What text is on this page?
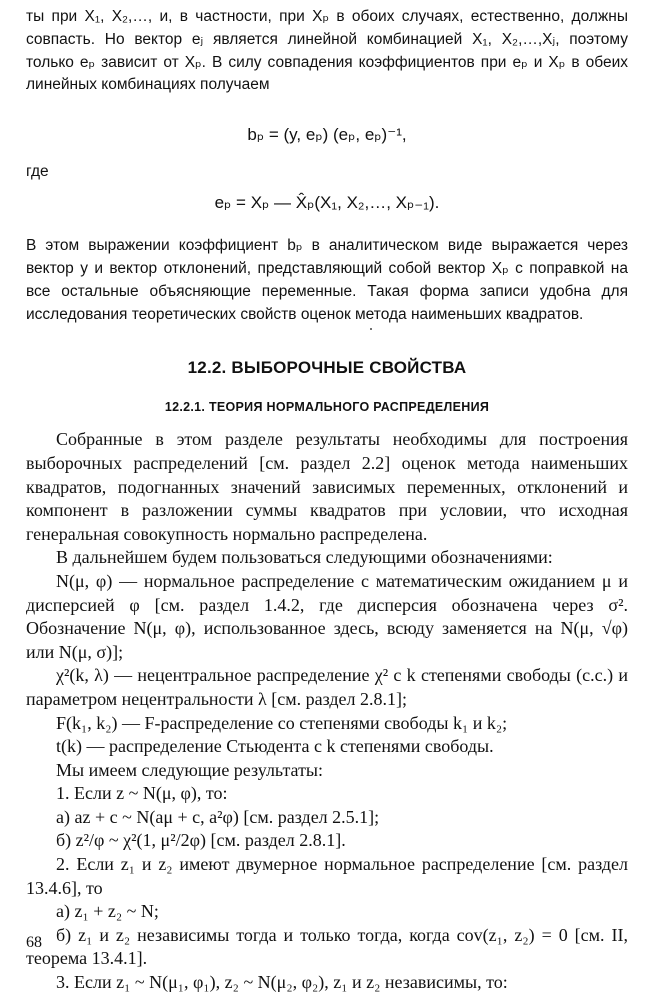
ты при X₁, X₂,…, и, в частности, при Xₚ в обоих случаях, естественно, должны совпасть. Но вектор eⱼ является линейной комбинацией X₁, X₂,…,Xⱼ, поэтому только eₚ зависит от Xₚ. В силу совпадения коэффициентов при eₚ и Xₚ в обеих линейных комбинациях получаем

bₚ = (y, eₚ) (eₚ, eₚ)⁻¹,

где

eₚ = Xₚ — X̂ₚ(X₁, X₂,…, Xₚ₋₁).

В этом выражении коэффициент bₚ в аналитическом виде выражается через вектор y и вектор отклонений, представляющий собой вектор Xₚ с поправкой на все остальные объясняющие переменные. Такая форма записи удобна для исследования теоретических свойств оценок метода наименьших квадратов.

12.2. ВЫБОРОЧНЫЕ СВОЙСТВА
12.2.1. ТЕОРИЯ НОРМАЛЬНОГО РАСПРЕДЕЛЕНИЯ

Собранные в этом разделе результаты необходимы для построения выборочных распределений [см. раздел 2.2] оценок метода наименьших квадратов, подогнанных значений зависимых переменных, отклонений и компонент в разложении суммы квадратов при условии, что исходная генеральная совокупность нормально распределена.

В дальнейшем будем пользоваться следующими обозначениями:

N(μ, φ) — нормальное распределение с математическим ожиданием μ и дисперсией φ [см. раздел 1.4.2, где дисперсия обозначена через σ². Обозначение N(μ, φ), использованное здесь, всюду заменяется на N(μ, √φ) или N(μ, σ)];

χ²(k, λ) — нецентральное распределение χ² с k степенями свободы (с.с.) и параметром нецентральности λ [см. раздел 2.8.1];

F(k₁, k₂) — F-распределение со степенями свободы k₁ и k₂;

t(k) — распределение Стьюдента с k степенями свободы.

Мы имеем следующие результаты:

1. Если z ~ N(μ, φ), то:

а) az + c ~ N(aμ + c, a²φ) [см. раздел 2.5.1];

б) z²/φ ~ χ²(1, μ²/2φ) [см. раздел 2.8.1].

2. Если z₁ и z₂ имеют двумерное нормальное распределение [см. раздел 13.4.6], то

а) z₁ + z₂ ~ N;

б) z₁ и z₂ независимы тогда и только тогда, когда cov(z₁, z₂) = 0 [см. II, теорема 13.4.1].

3. Если z₁ ~ N(μ₁, φ₁), z₂ ~ N(μ₂, φ₂), z₁ и z₂ независимы, то:

68
